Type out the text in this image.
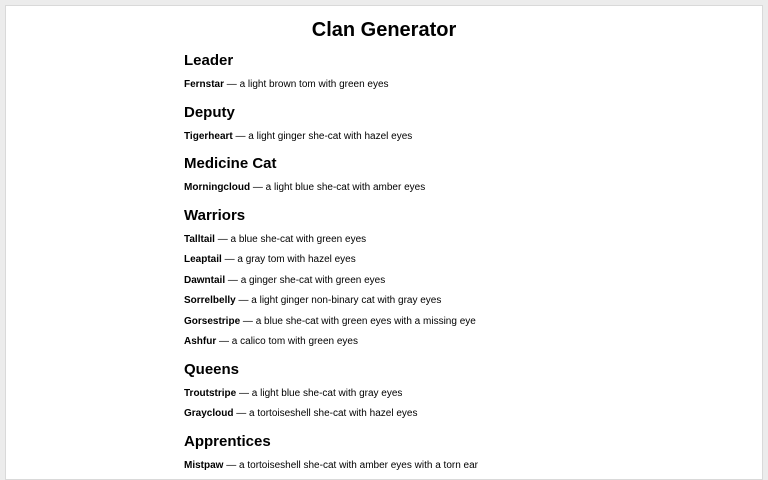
Clan Generator
Leader

Fernstar — a light brown tom with green eyes

Deputy

Tigerheart — a light ginger she-cat with hazel eyes

Medicine Cat

Morningcloud — a light blue she-cat with amber eyes

Warriors

Talltail — a blue she-cat with green eyes

Leaptail — a gray tom with hazel eyes

Dawntail — a ginger she-cat with green eyes

Sorrelbelly — a light ginger non-binary cat with gray eyes

Gorsestripe — a blue she-cat with green eyes with a missing eye

Ashfur — a calico tom with green eyes

Queens

Troutstripe — a light blue she-cat with gray eyes

Graycloud — a tortoiseshell she-cat with hazel eyes

Apprentices

Mistpaw — a tortoiseshell she-cat with amber eyes with a torn ear
